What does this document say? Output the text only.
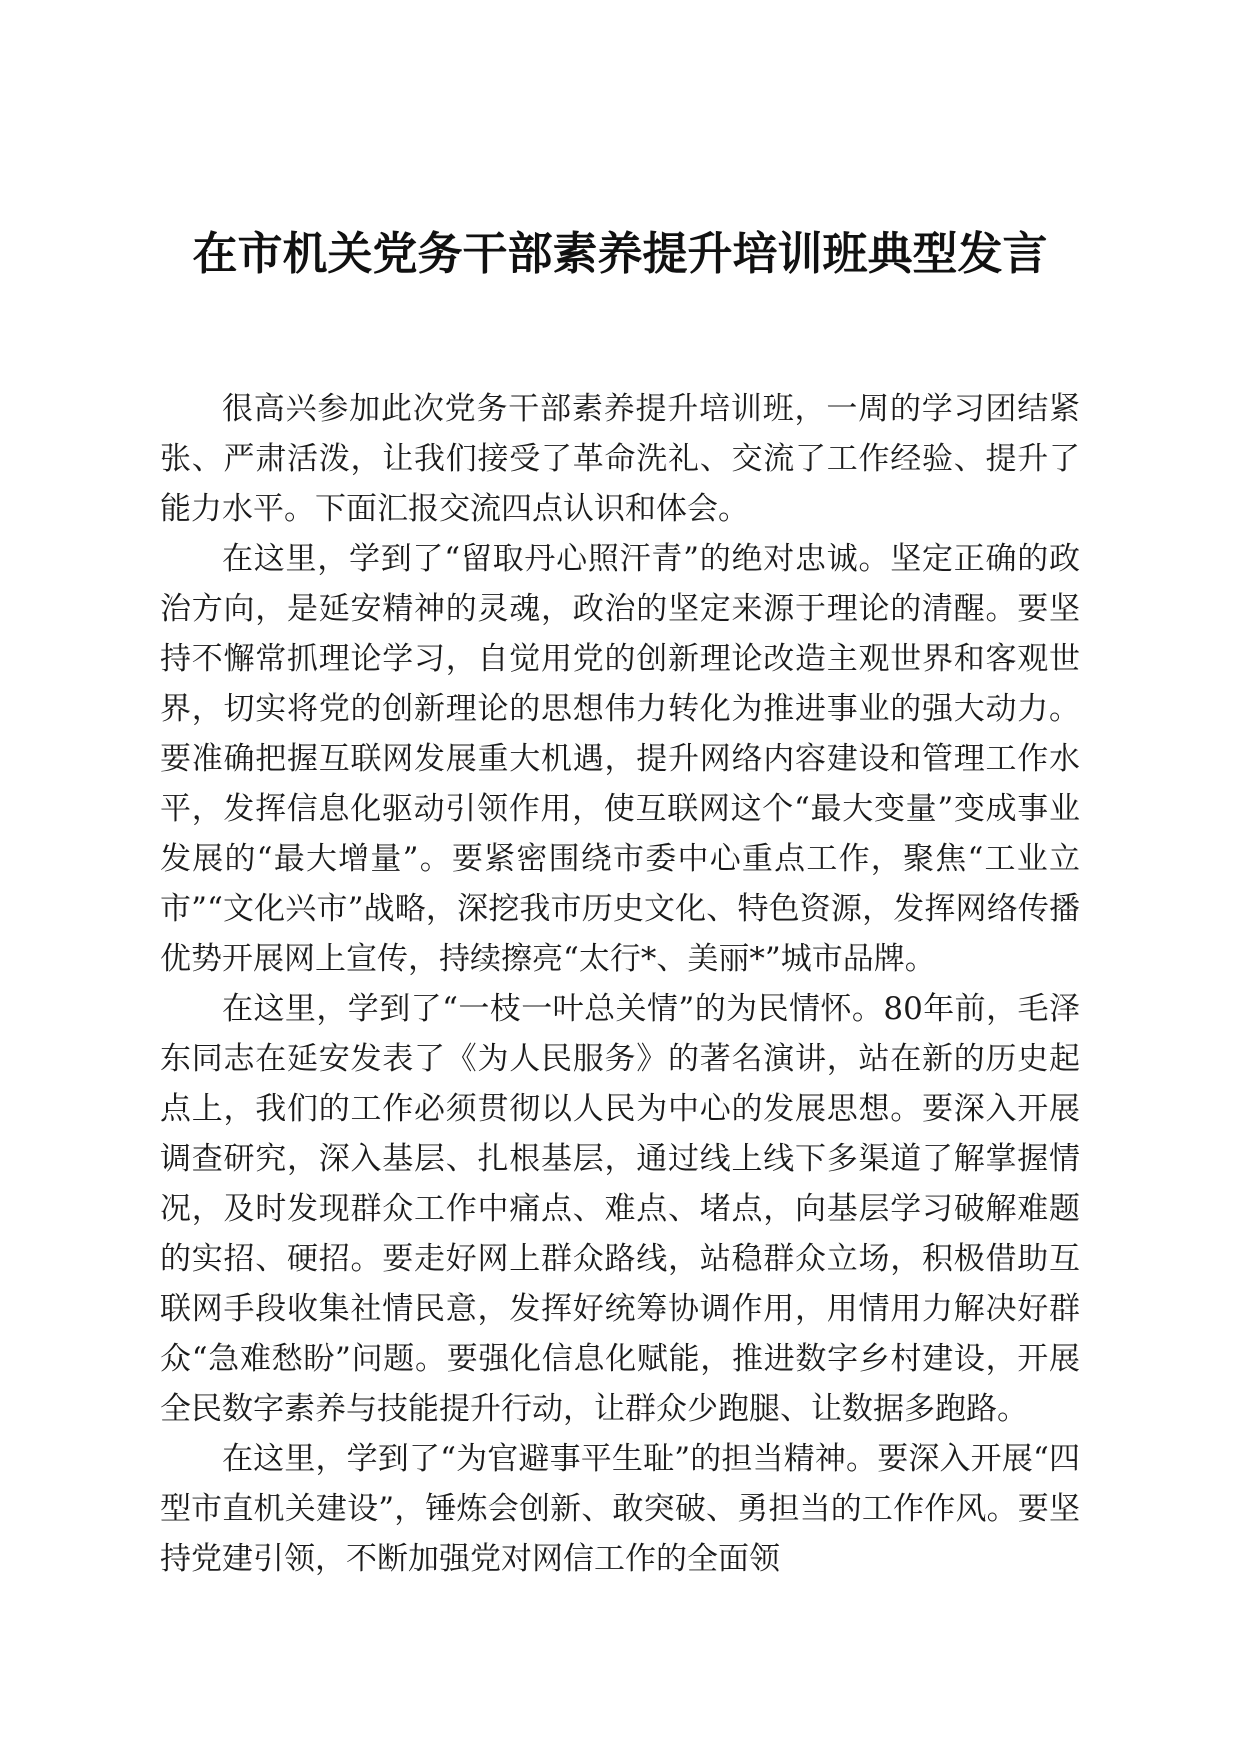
在市机关党务干部素养提升培训班典型发言

很高兴参加此次党务干部素养提升培训班，一周的学习团结紧张、严肃活泼，让我们接受了革命洗礼、交流了工作经验、提升了能力水平。下面汇报交流四点认识和体会。

在这里，学到了“留取丹心照汗青”的绝对忠诚。坚定正确的政治方向，是延安精神的灵魂，政治的坚定来源于理论的清醒。要坚持不懈常抓理论学习，自觉用党的创新理论改造主观世界和客观世界，切实将党的创新理论的思想伟力转化为推进事业的强大动力。要准确把握互联网发展重大机遇，提升网络内容建设和管理工作水平，发挥信息化驱动引领作用，使互联网这个“最大变量”变成事业发展的“最大增量”。要紧密围绕市委中心重点工作，聚焦“工业立市”“文化兴市”战略，深挖我市历史文化、特色资源，发挥网络传播优势开展网上宣传，持续擦亮“太行*、美丽*”城市品牌。

在这里，学到了“一枝一叶总关情”的为民情怀。80年前，毛泽东同志在延安发表了《为人民服务》的著名演讲，站在新的历史起点上，我们的工作必须贯彻以人民为中心的发展思想。要深入开展调查研究，深入基层、扎根基层，通过线上线下多渠道了解掌握情况，及时发现群众工作中痛点、难点、堵点，向基层学习破解难题的实招、硬招。要走好网上群众路线，站稳群众立场，积极借助互联网手段收集社情民意，发挥好统筹协调作用，用情用力解决好群众“急难愁盼”问题。要强化信息化赋能，推进数字乡村建设，开展全民数字素养与技能提升行动，让群众少跑腿、让数据多跑路。

在这里，学到了“为官避事平生耻”的担当精神。要深入开展“四型市直机关建设”，锤炼会创新、敢突破、勇担当的工作作风。要坚持党建引领，不断加强党对网信工作的全面领
